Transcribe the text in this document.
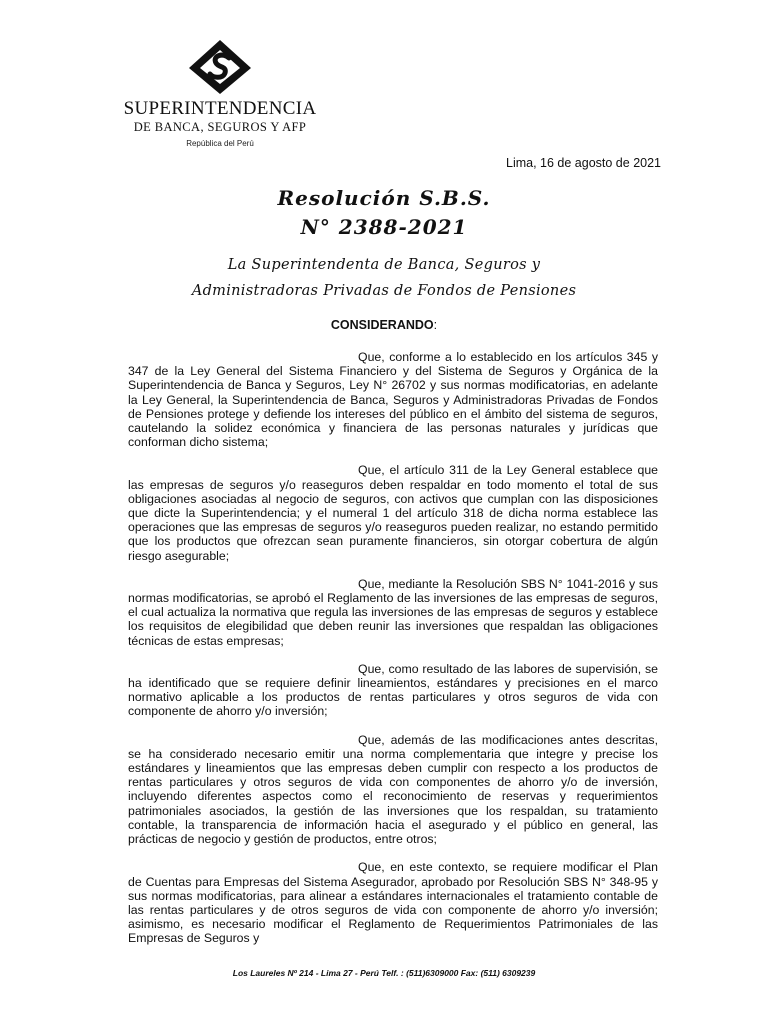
SUPERINTENDENCIA
DE BANCA, SEGUROS Y AFP
República del Perú
Lima, 16 de agosto de 2021
Resolución S.B.S.
N° 2388-2021
La Superintendenta de Banca, Seguros y
Administradoras Privadas de Fondos de Pensiones
CONSIDERANDO:

Que, conforme a lo establecido en los artículos 345 y 347 de la Ley General del Sistema Financiero y del Sistema de Seguros y Orgánica de la Superintendencia de Banca y Seguros, Ley N° 26702 y sus normas modificatorias, en adelante la Ley General, la Superintendencia de Banca, Seguros y Administradoras Privadas de Fondos de Pensiones protege y defiende los intereses del público en el ámbito del sistema de seguros, cautelando la solidez económica y financiera de las personas naturales y jurídicas que conforman dicho sistema;

Que, el artículo 311 de la Ley General establece que las empresas de seguros y/o reaseguros deben respaldar en todo momento el total de sus obligaciones asociadas al negocio de seguros, con activos que cumplan con las disposiciones que dicte la Superintendencia; y el numeral 1 del artículo 318 de dicha norma establece las operaciones que las empresas de seguros y/o reaseguros pueden realizar, no estando permitido que los productos que ofrezcan sean puramente financieros, sin otorgar cobertura de algún riesgo asegurable;

Que, mediante la Resolución SBS N° 1041-2016 y sus normas modificatorias, se aprobó el Reglamento de las inversiones de las empresas de seguros, el cual actualiza la normativa que regula las inversiones de las empresas de seguros y establece los requisitos de elegibilidad que deben reunir las inversiones que respaldan las obligaciones técnicas de estas empresas;

Que, como resultado de las labores de supervisión, se ha identificado que se requiere definir lineamientos, estándares y precisiones en el marco normativo aplicable a los productos de rentas particulares y otros seguros de vida con componente de ahorro y/o inversión;

Que, además de las modificaciones antes descritas, se ha considerado necesario emitir una norma complementaria que integre y precise los estándares y lineamientos que las empresas deben cumplir con respecto a los productos de rentas particulares y otros seguros de vida con componentes de ahorro y/o de inversión, incluyendo diferentes aspectos como el reconocimiento de reservas y requerimientos patrimoniales asociados, la gestión de las inversiones que los respaldan, su tratamiento contable, la transparencia de información hacia el asegurado y el público en general, las prácticas de negocio y gestión de productos, entre otros;

Que, en este contexto, se requiere modificar el Plan de Cuentas para Empresas del Sistema Asegurador, aprobado por Resolución SBS N° 348-95 y sus normas modificatorias, para alinear a estándares internacionales el tratamiento contable de las rentas particulares y de otros seguros de vida con componente de ahorro y/o inversión; asimismo, es necesario modificar el Reglamento de Requerimientos Patrimoniales de las Empresas de Seguros y

Los Laureles Nº 214 - Lima 27 - Perú Telf. : (511)6309000 Fax: (511) 6309239
